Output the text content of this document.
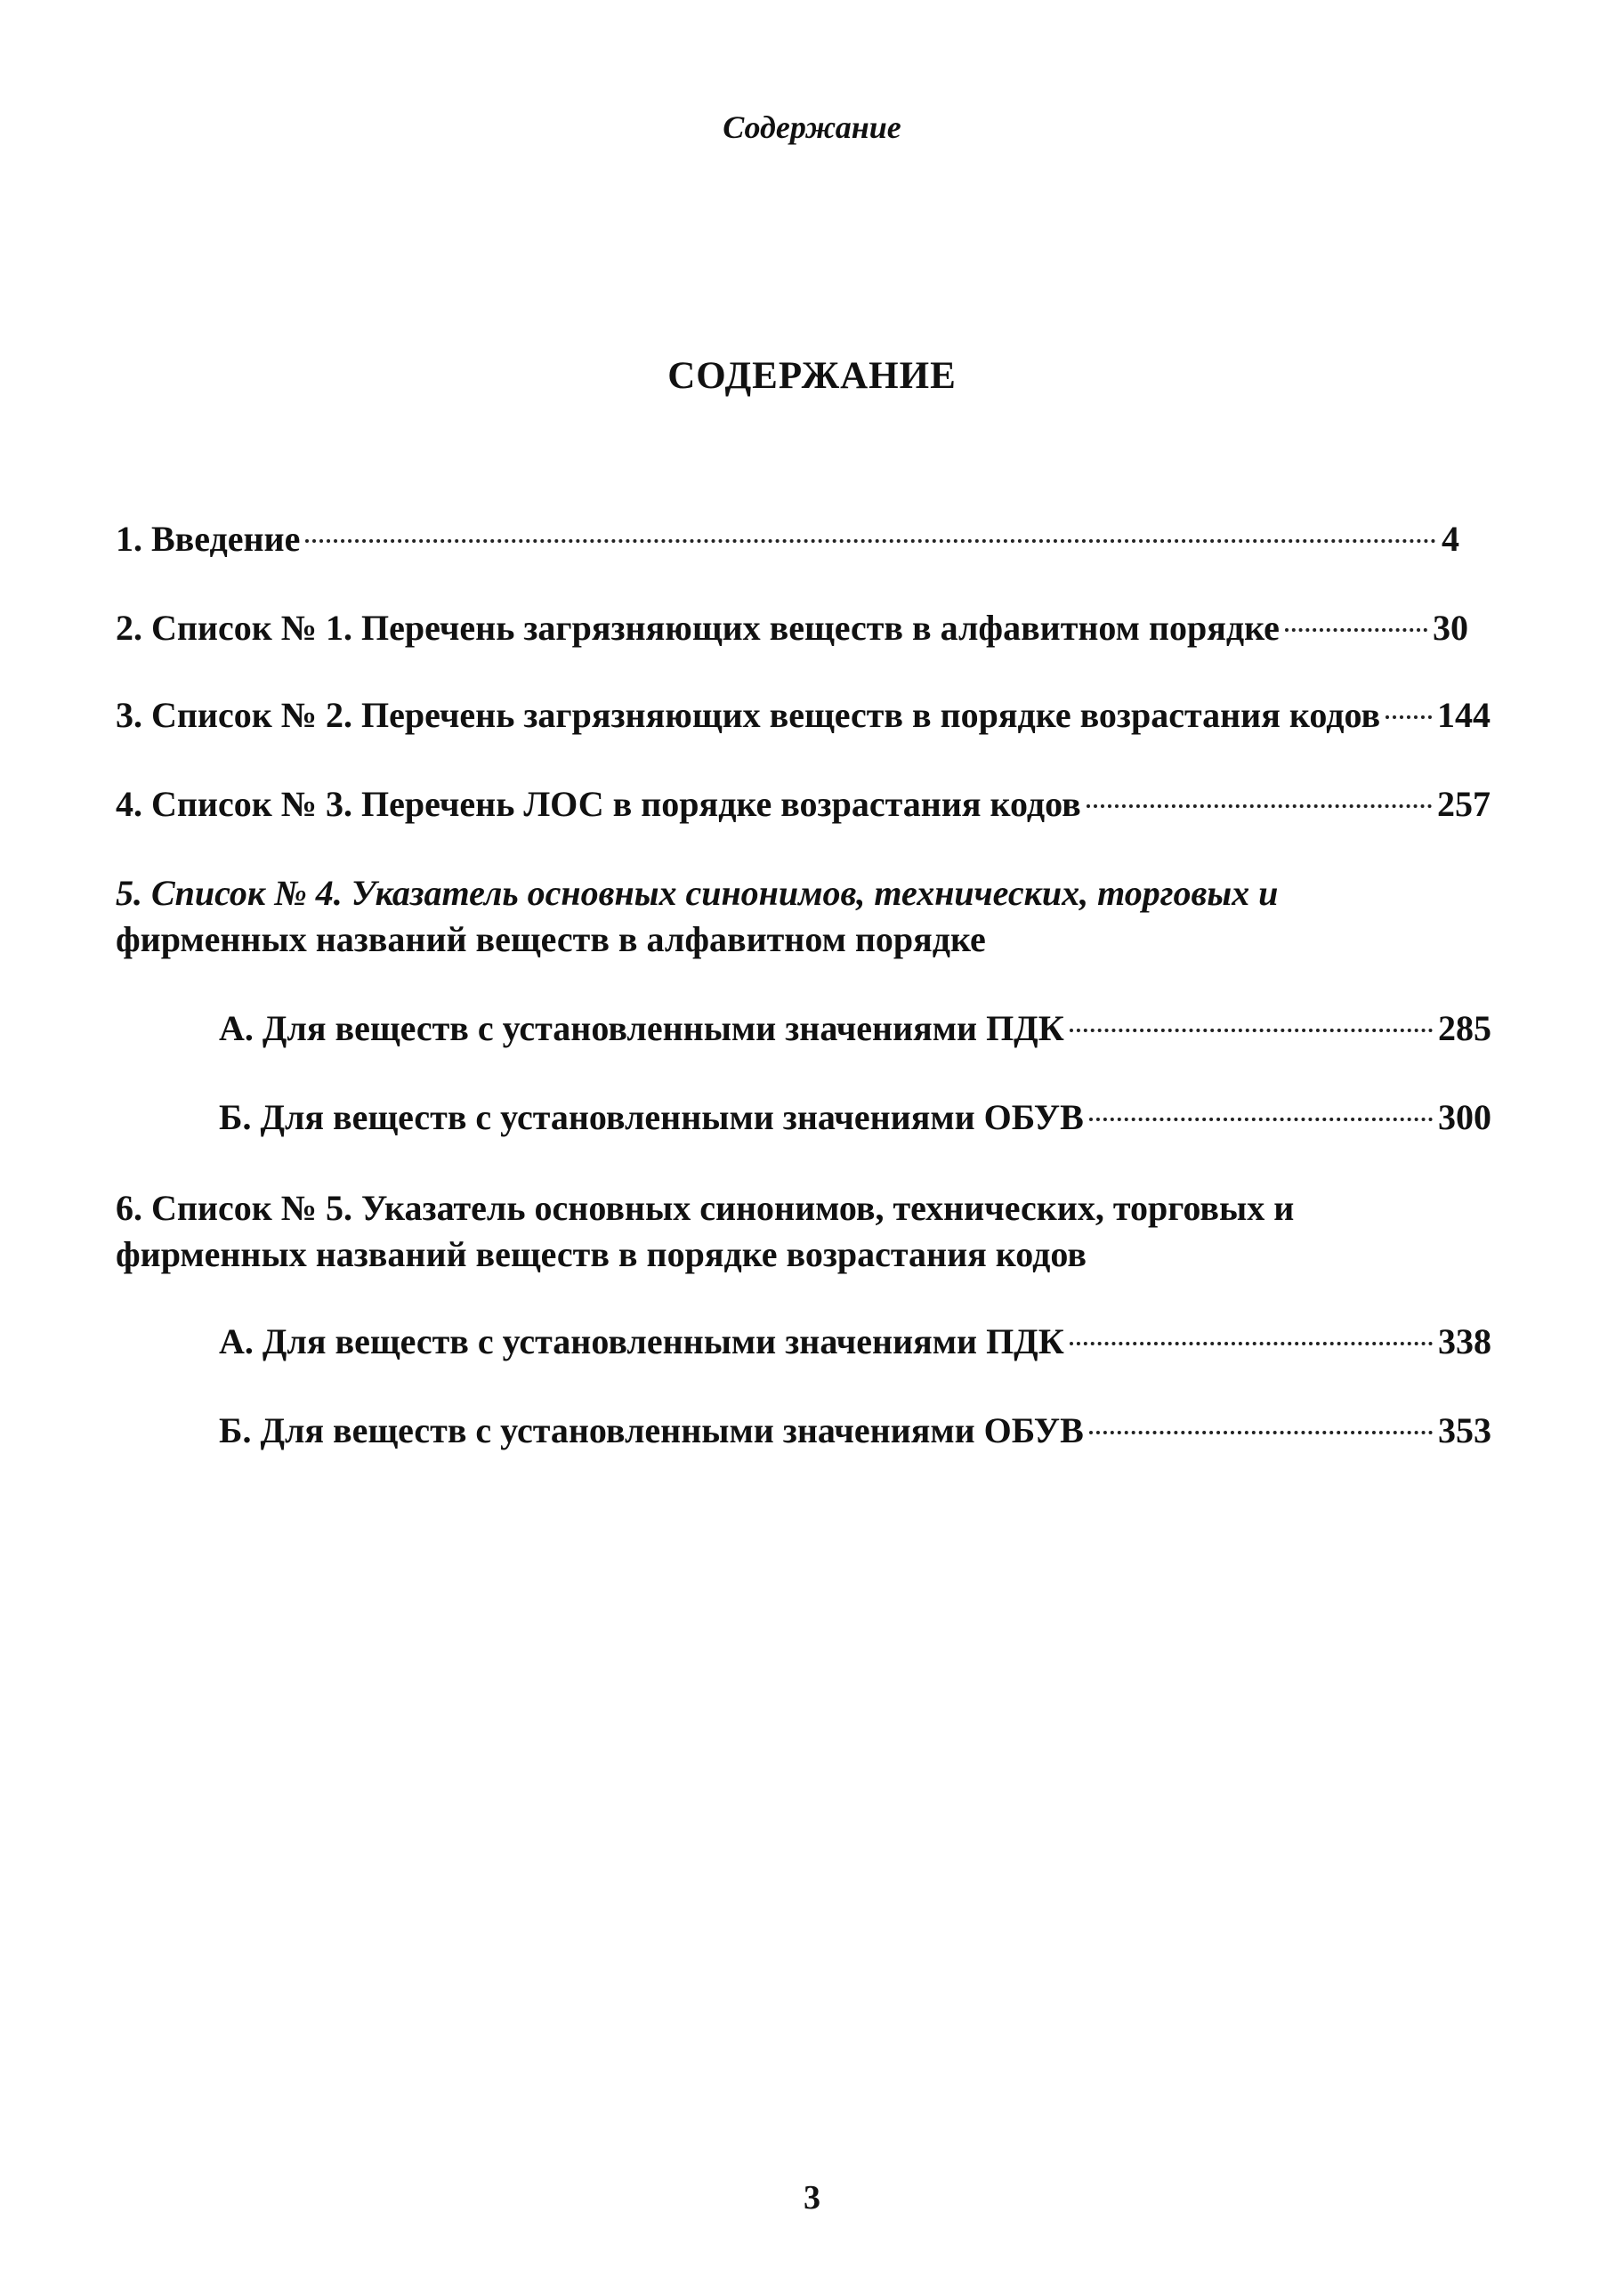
Содержание
СОДЕРЖАНИЕ
1. Введение	4
2. Список № 1. Перечень загрязняющих веществ в алфавитном порядке	30
3. Список № 2. Перечень загрязняющих веществ в порядке возрастания кодов 144
4. Список № 3. Перечень ЛОС в порядке возрастания кодов	257
5. Список № 4. Указатель основных синонимов, технических, торговых и
фирменных названий веществ в алфавитном порядке
А. Для веществ с установленными значениями ПДК	285
Б. Для веществ с установленными значениями ОБУВ	300
6. Список № 5. Указатель основных синонимов, технических, торговых и
фирменных названий веществ в порядке возрастания кодов
А. Для веществ с установленными значениями ПДК	338
Б. Для веществ с установленными значениями ОБУВ	353
3
